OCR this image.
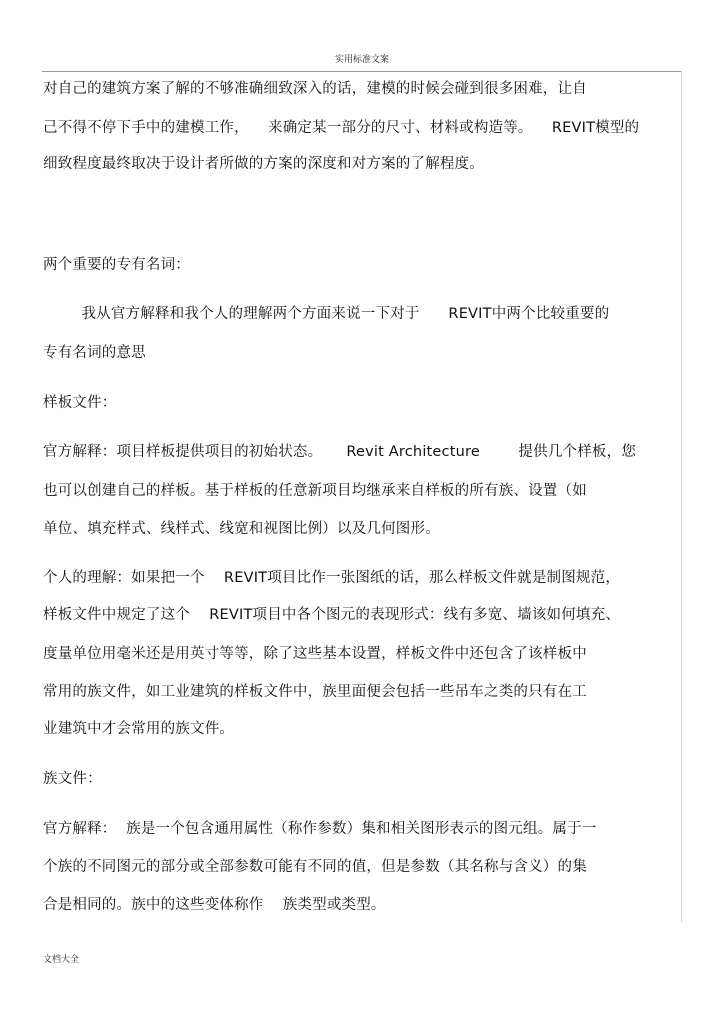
实用标准文案
对自己的建筑方案了解的不够准确细致深入的话，建模的时候会碰到很多困难，让自
己不得不停下手中的建模工作，    来确定某一部分的尺寸、材料或构造等。    REVIT模型的
细致程度最终取决于设计者所做的方案的深度和对方案的了解程度。
两个重要的专有名词：
我从官方解释和我个人的理解两个方面来说一下对于      REVIT中两个比较重要的
专有名词的意思
样板文件：
官方解释：项目样板提供项目的初始状态。     Revit Architecture        提供几个样板，您
也可以创建自己的样板。基于样板的任意新项目均继承来自样板的所有族、设置（如
单位、填充样式、线样式、线宽和视图比例）以及几何图形。
个人的理解：如果把一个    REVIT项目比作一张图纸的话，那么样板文件就是制图规范，
样板文件中规定了这个    REVIT项目中各个图元的表现形式：线有多宽、墙该如何填充、
度量单位用毫米还是用英寸等等，除了这些基本设置，样板文件中还包含了该样板中
常用的族文件，如工业建筑的样板文件中，族里面便会包括一些吊车之类的只有在工
业建筑中才会常用的族文件。
族文件：
官方解释：  族是一个包含通用属性（称作参数）集和相关图形表示的图元组。属于一
个族的不同图元的部分或全部参数可能有不同的值，但是参数（其名称与含义）的集
合是相同的。族中的这些变体称作    族类型或类型。
文档大全
